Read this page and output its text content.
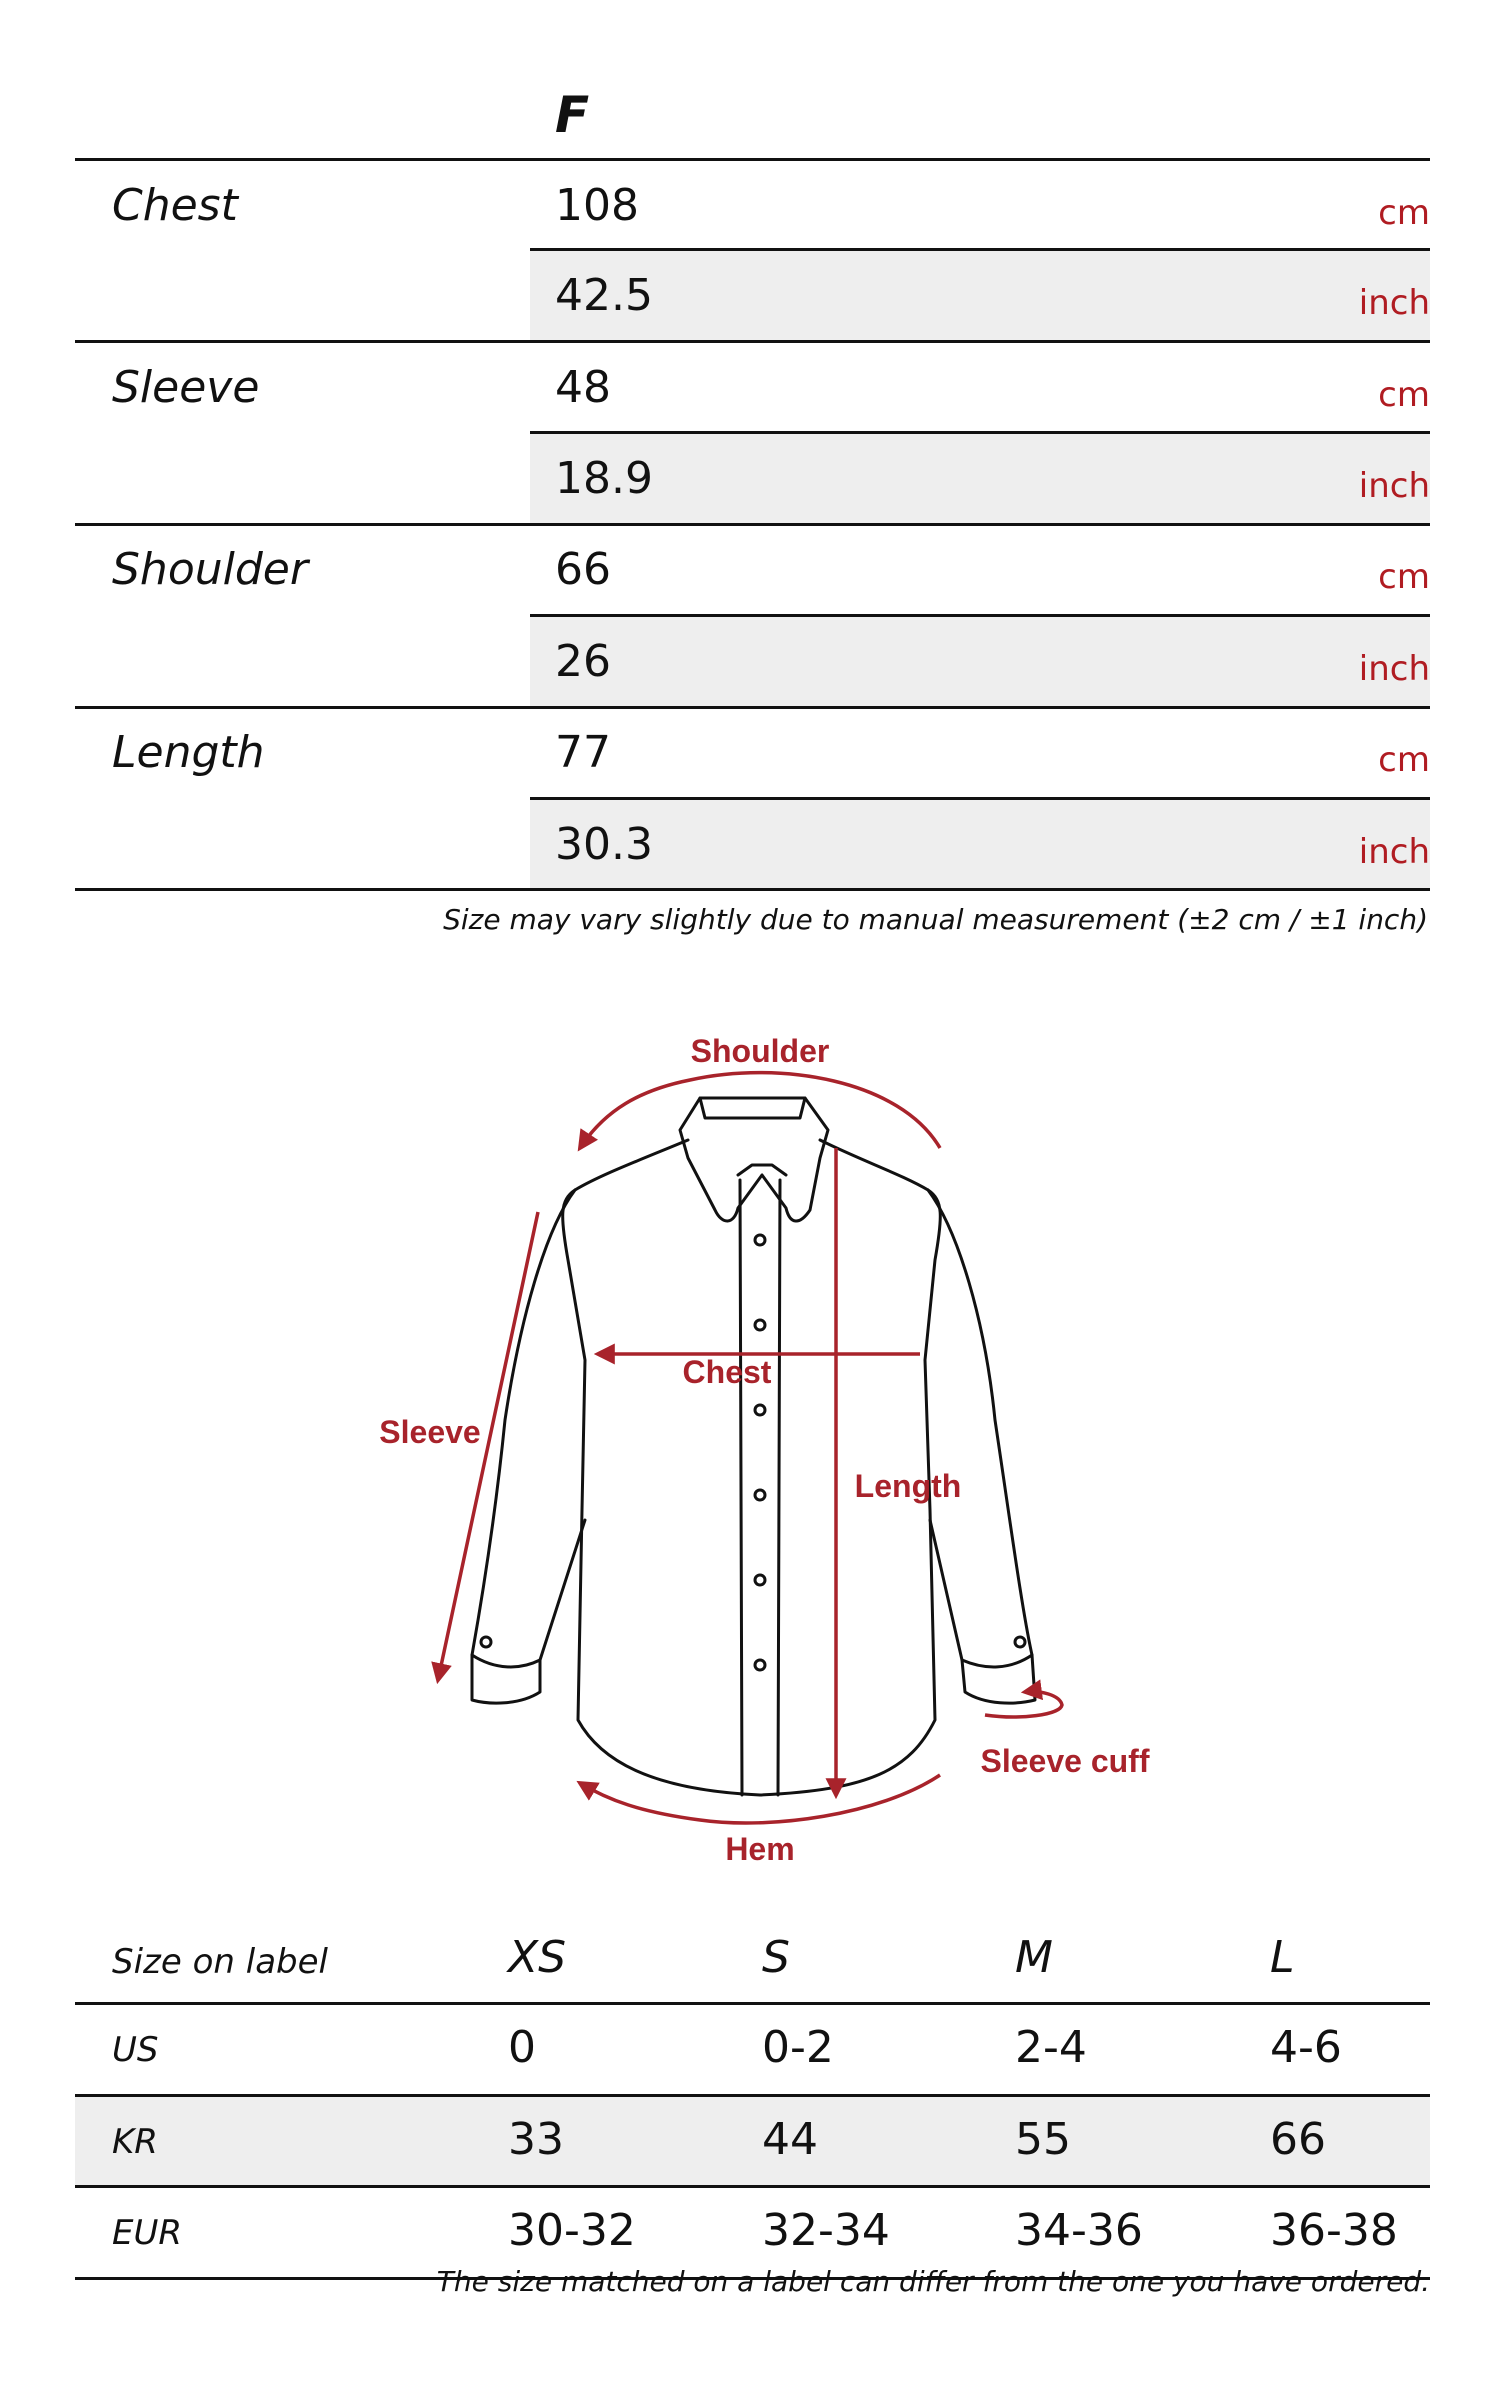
F
Chest	108	cm
42.5	inch
Sleeve	48	cm
18.9	inch
Shoulder	66	cm
26	inch
Length	77	cm
30.3	inch
Size may vary slightly due to manual measurement (±2 cm / ±1 inch)
Shoulder
Chest
Sleeve
Length
Sleeve cuff
Hem
Size on label	XS	S	M	L
US	0	0-2	2-4	4-6
KR	33	44	55	66
EUR	30-32	32-34	34-36	36-38
The size matched on a label can differ from the one you have ordered.
